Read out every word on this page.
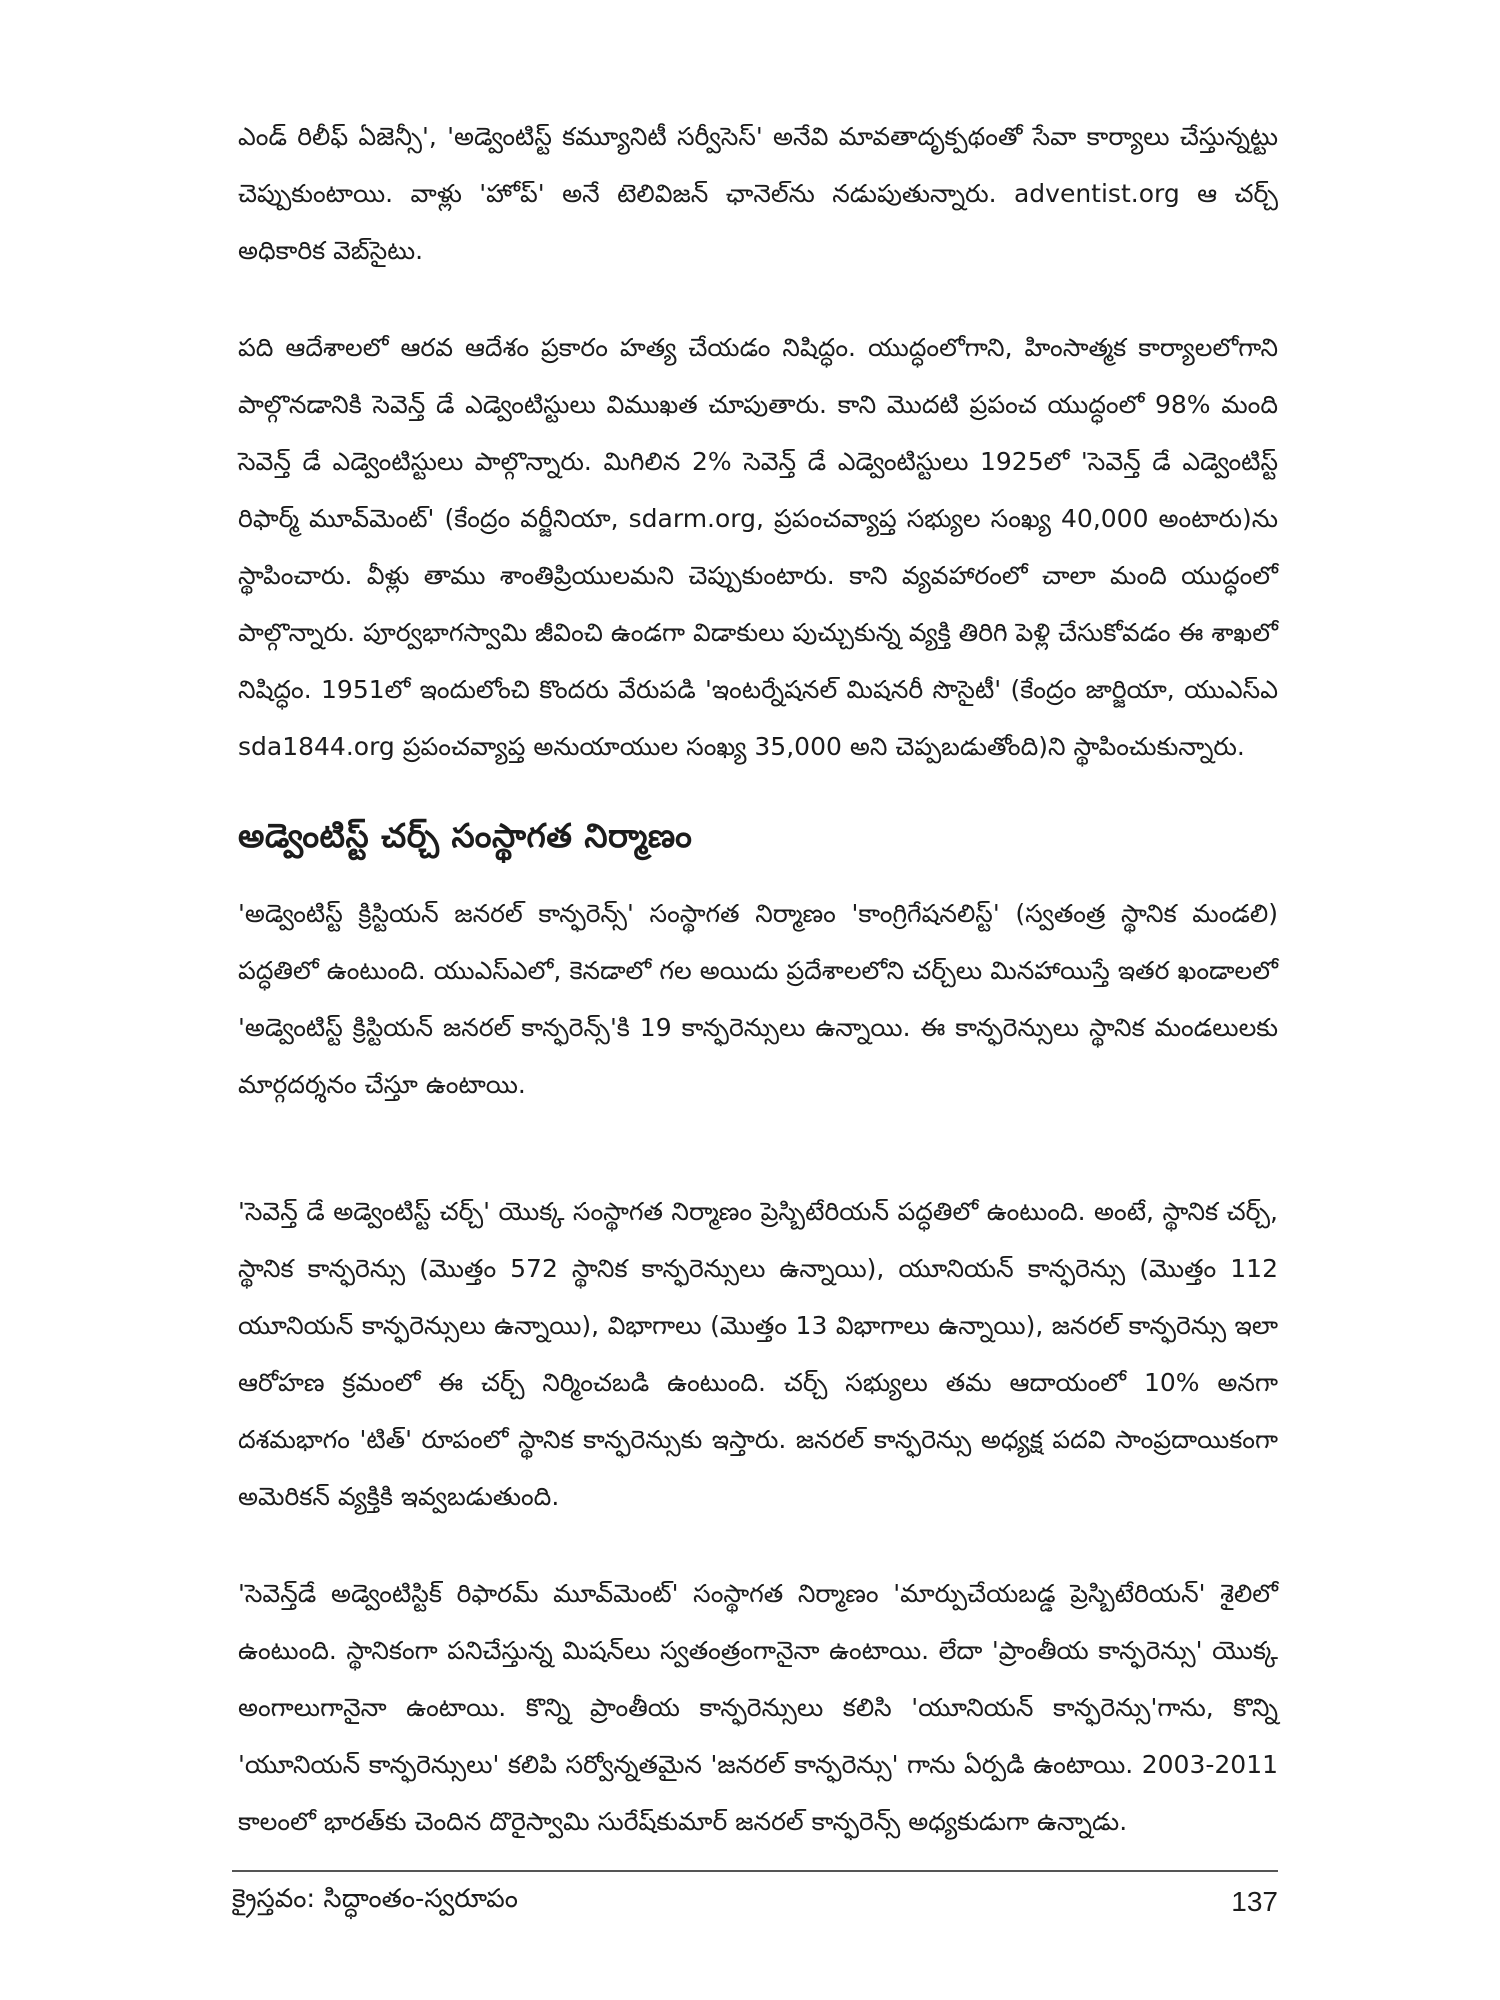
ఎండ్ రిలీఫ్ ఏజెన్సీ', 'అడ్వెంటిస్ట్ కమ్యూనిటీ సర్వీసెస్' అనేవి మావతాదృక్పథంతో సేవా కార్యాలు చేస్తున్నట్టు చెప్పుకుంటాయి. వాళ్లు 'హోప్' అనే టెలివిజన్ ఛానెల్‌ను నడుపుతున్నారు. adventist.org ఆ చర్చ్ అధికారిక వెబ్‌సైటు.

పది ఆదేశాలలో ఆరవ ఆదేశం ప్రకారం హత్య చేయడం నిషిద్ధం. యుద్ధంలోగాని, హింసాత్మక కార్యాలలోగాని పాల్గొనడానికి సెవెన్త్ డే ఎడ్వెంటిస్టులు విముఖత చూపుతారు. కాని మొదటి ప్రపంచ యుద్ధంలో 98% మంది సెవెన్త్ డే ఎడ్వెంటిస్టులు పాల్గొన్నారు. మిగిలిన 2% సెవెన్త్ డే ఎడ్వెంటిస్టులు 1925లో 'సెవెన్త్ డే ఎడ్వెంటిస్ట్ రిఫార్మ్ మూవ్‌మెంట్' (కేంద్రం వర్జీనియా, sdarm.org, ప్రపంచవ్యాప్త సభ్యుల సంఖ్య 40,000 అంటారు)ను స్థాపించారు. వీళ్లు తాము శాంతిప్రియులమని చెప్పుకుంటారు. కాని వ్యవహారంలో చాలా మంది యుద్ధంలో పాల్గొన్నారు. పూర్వభాగస్వామి జీవించి ఉండగా విడాకులు పుచ్చుకున్న వ్యక్తి తిరిగి పెళ్లి చేసుకోవడం ఈ శాఖలో నిషిద్ధం. 1951లో ఇందులోంచి కొందరు వేరుపడి 'ఇంటర్నేషనల్ మిషనరీ సొసైటీ' (కేంద్రం జార్జియా, యుఎస్ఎ sda1844.org ప్రపంచవ్యాప్త అనుయాయుల సంఖ్య 35,000 అని చెప్పబడుతోంది)ని స్థాపించుకున్నారు.

అడ్వెంటిస్ట్ చర్చ్ సంస్థాగత నిర్మాణం

'అడ్వెంటిస్ట్ క్రిస్టియన్ జనరల్ కాన్ఫరెన్స్' సంస్థాగత నిర్మాణం 'కాంగ్రిగేషనలిస్ట్' (స్వతంత్ర స్థానిక మండలి) పద్ధతిలో ఉంటుంది. యుఎస్ఎలో, కెనడాలో గల అయిదు ప్రదేశాలలోని చర్చ్‌లు మినహాయిస్తే ఇతర ఖండాలలో 'అడ్వెంటిస్ట్ క్రిస్టియన్ జనరల్ కాన్ఫరెన్స్'కి 19 కాన్ఫరెన్సులు ఉన్నాయి. ఈ కాన్ఫరెన్సులు స్థానిక మండలులకు మార్గదర్శనం చేస్తూ ఉంటాయి.

'సెవెన్త్ డే అడ్వెంటిస్ట్ చర్చ్' యొక్క సంస్థాగత నిర్మాణం ప్రెస్బిటేరియన్ పద్ధతిలో ఉంటుంది. అంటే, స్థానిక చర్చ్, స్థానిక కాన్ఫరెన్సు (మొత్తం 572 స్థానిక కాన్ఫరెన్సులు ఉన్నాయి), యూనియన్ కాన్ఫరెన్సు (మొత్తం 112 యూనియన్ కాన్ఫరెన్సులు ఉన్నాయి), విభాగాలు (మొత్తం 13 విభాగాలు ఉన్నాయి), జనరల్ కాన్ఫరెన్సు ఇలా ఆరోహణ క్రమంలో ఈ చర్చ్ నిర్మించబడి ఉంటుంది. చర్చ్ సభ్యులు తమ ఆదాయంలో 10% అనగా దశమభాగం 'టిత్' రూపంలో స్థానిక కాన్ఫరెన్సుకు ఇస్తారు. జనరల్ కాన్ఫరెన్సు అధ్యక్ష పదవి సాంప్రదాయికంగా అమెరికన్ వ్యక్తికి ఇవ్వబడుతుంది.

'సెవెన్త్‌డే అడ్వెంటిస్టిక్ రిఫారమ్ మూవ్‌మెంట్' సంస్థాగత నిర్మాణం 'మార్పుచేయబడ్డ ప్రెస్బిటేరియన్' శైలిలో ఉంటుంది. స్థానికంగా పనిచేస్తున్న మిషన్‌లు స్వతంత్రంగానైనా ఉంటాయి. లేదా 'ప్రాంతీయ కాన్ఫరెన్సు' యొక్క అంగాలుగానైనా ఉంటాయి. కొన్ని ప్రాంతీయ కాన్ఫరెన్సులు కలిసి 'యూనియన్ కాన్ఫరెన్సు'గాను, కొన్ని 'యూనియన్ కాన్ఫరెన్సులు' కలిపి సర్వోన్నతమైన 'జనరల్ కాన్ఫరెన్సు' గాను ఏర్పడి ఉంటాయి. 2003-2011 కాలంలో భారత్‌కు చెందిన దొరైస్వామి సురేష్‌కుమార్ జనరల్ కాన్ఫరెన్స్ అధ్యకుడుగా ఉన్నాడు.

క్రైస్తవం: సిద్ధాంతం-స్వరూపం	137
